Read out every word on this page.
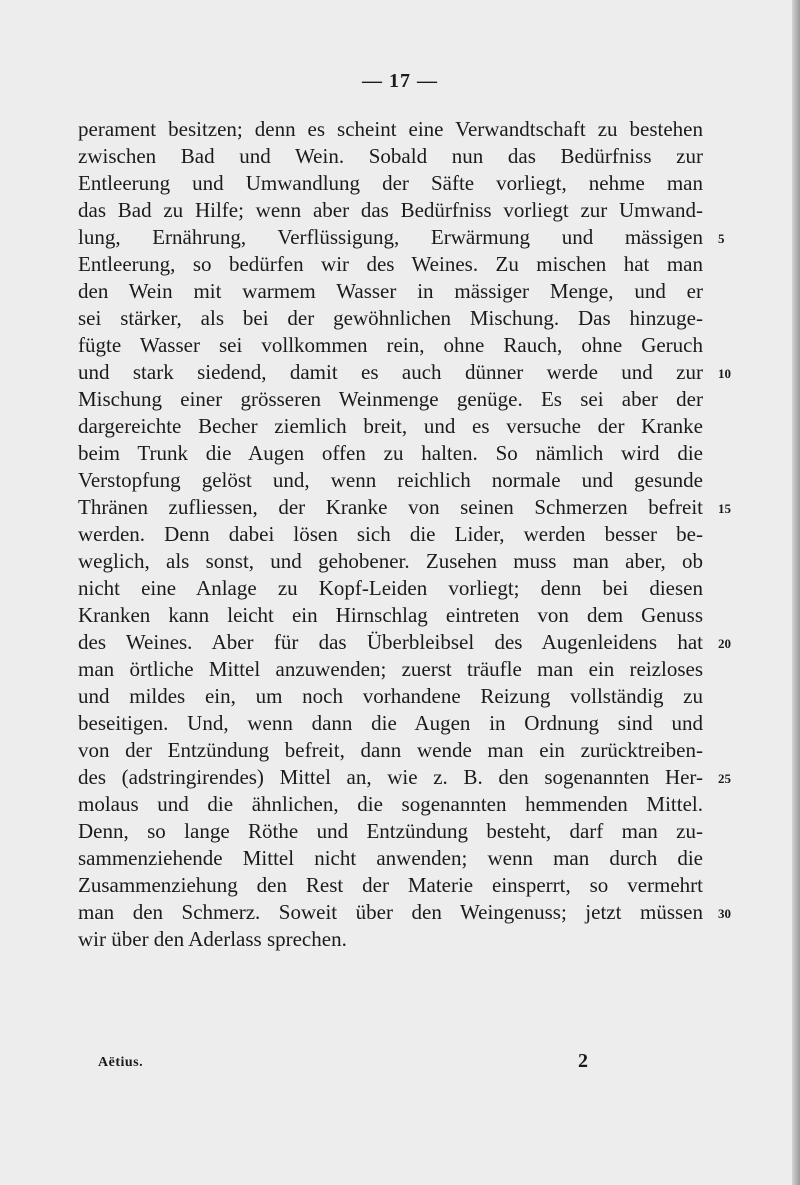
— 17 —
perament besitzen; denn es scheint eine Verwandtschaft zu bestehen
zwischen Bad und Wein. Sobald nun das Bedürfniss zur
Entleerung und Umwandlung der Säfte vorliegt, nehme man
das Bad zu Hilfe; wenn aber das Bedürfniss vorliegt zur Umwand-
lung, Ernährung, Verflüssigung, Erwärmung und mässigen 5
Entleerung, so bedürfen wir des Weines. Zu mischen hat man
den Wein mit warmem Wasser in mässiger Menge, und er
sei stärker, als bei der gewöhnlichen Mischung. Das hinzuge-
fügte Wasser sei vollkommen rein, ohne Rauch, ohne Geruch
und stark siedend, damit es auch dünner werde und zur 10
Mischung einer grösseren Weinmenge genüge. Es sei aber der
dargereichte Becher ziemlich breit, und es versuche der Kranke
beim Trunk die Augen offen zu halten. So nämlich wird die
Verstopfung gelöst und, wenn reichlich normale und gesunde
Thränen zufliessen, der Kranke von seinen Schmerzen befreit 15
werden. Denn dabei lösen sich die Lider, werden besser be-
weglich, als sonst, und gehobener. Zusehen muss man aber, ob
nicht eine Anlage zu Kopf-Leiden vorliegt; denn bei diesen
Kranken kann leicht ein Hirnschlag eintreten von dem Genuss
des Weines. Aber für das Überbleibsel des Augenleidens hat 20
man örtliche Mittel anzuwenden; zuerst träufle man ein reizloses
und mildes ein, um noch vorhandene Reizung vollständig zu
beseitigen. Und, wenn dann die Augen in Ordnung sind und
von der Entzündung befreit, dann wende man ein zurücktreiben-
des (adstringirendes) Mittel an, wie z. B. den sogenannten Her- 25
molaus und die ähnlichen, die sogenannten hemmenden Mittel.
Denn, so lange Röthe und Entzündung besteht, darf man zu-
sammenziehende Mittel nicht anwenden; wenn man durch die
Zusammenziehung den Rest der Materie einsperrt, so vermehrt
man den Schmerz. Soweit über den Weingenuss; jetzt müssen 30
wir über den Aderlass sprechen.
Aëtius.	2
